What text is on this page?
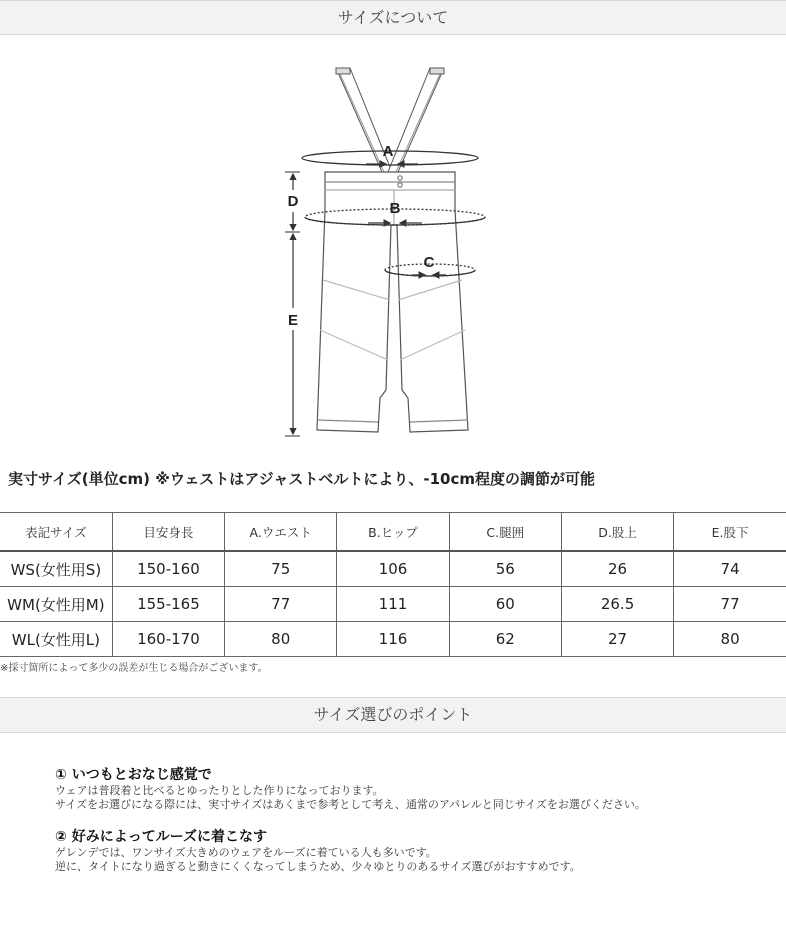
サイズについて
A
B
C
D
E
実寸サイズ(単位cm) ※ウェストはアジャストベルトにより、-10cm程度の調節が可能
表記サイズ	目安身長	A.ウエスト	B.ヒップ	C.腿囲	D.股上	E.股下
WS(女性用S)	150-160	75	106	56	26	74
WM(女性用M)	155-165	77	111	60	26.5	77
WL(女性用L)	160-170	80	116	62	27	80
※採寸箇所によって多少の誤差が生じる場合がございます。
サイズ選びのポイント
① いつもとおなじ感覚で
ウェアは普段着と比べるとゆったりとした作りになっております。
サイズをお選びになる際には、実寸サイズはあくまで参考として考え、通常のアパレルと同じサイズをお選びください。
② 好みによってルーズに着こなす
ゲレンデでは、ワンサイズ大きめのウェアをルーズに着ている人も多いです。
逆に、タイトになり過ぎると動きにくくなってしまうため、少々ゆとりのあるサイズ選びがおすすめです。
